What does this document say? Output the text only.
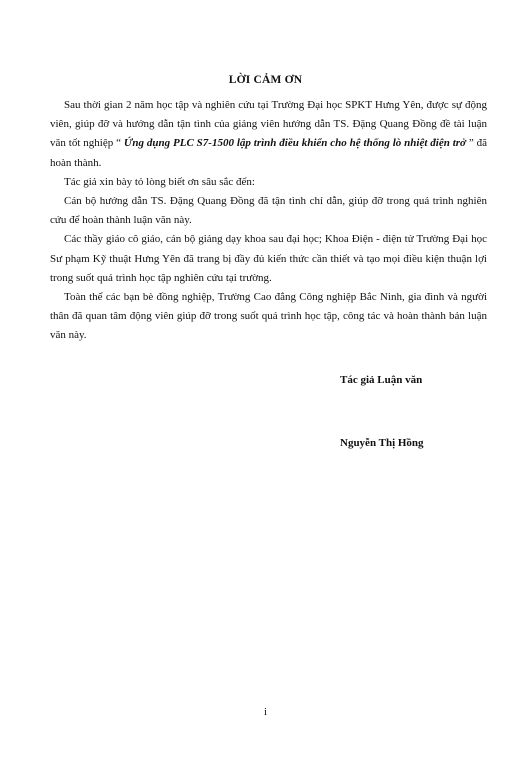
LỜI CẢM ƠN

Sau thời gian 2 năm học tập và nghiên cứu tại Trường Đại học SPKT Hưng Yên, được sự động viên, giúp đỡ và hướng dẫn tận tình của giảng viên hướng dẫn TS. Đặng Quang Đồng đề tài luận văn tốt nghiệp “ Ứng dụng PLC S7-1500 lập trình điều khiển cho hệ thống lò nhiệt điện trở ” đã hoàn thành.

Tác giả xin bày tỏ lòng biết ơn sâu sắc đến:

Cán bộ hướng dẫn TS. Đặng Quang Đồng đã tận tình chỉ dẫn, giúp đỡ trong quá trình nghiên cứu để hoàn thành luận văn này.

Các thầy giáo cô giáo, cán bộ giảng dạy khoa sau đại học; Khoa Điện - điện tử Trường Đại học Sư phạm Kỹ thuật Hưng Yên đã trang bị đầy đủ kiến thức cần thiết và tạo mọi điều kiện thuận lợi trong suốt quá trình học tập nghiên cứu tại trường.

Toàn thể các bạn bè đồng nghiệp, Trường Cao đẳng Công nghiệp Bắc Ninh, gia đình và người thân đã quan tâm động viên giúp đỡ trong suốt quá trình học tập, công tác và hoàn thành bản luận văn này.

Tác giả Luận văn
Nguyễn Thị Hồng
i
